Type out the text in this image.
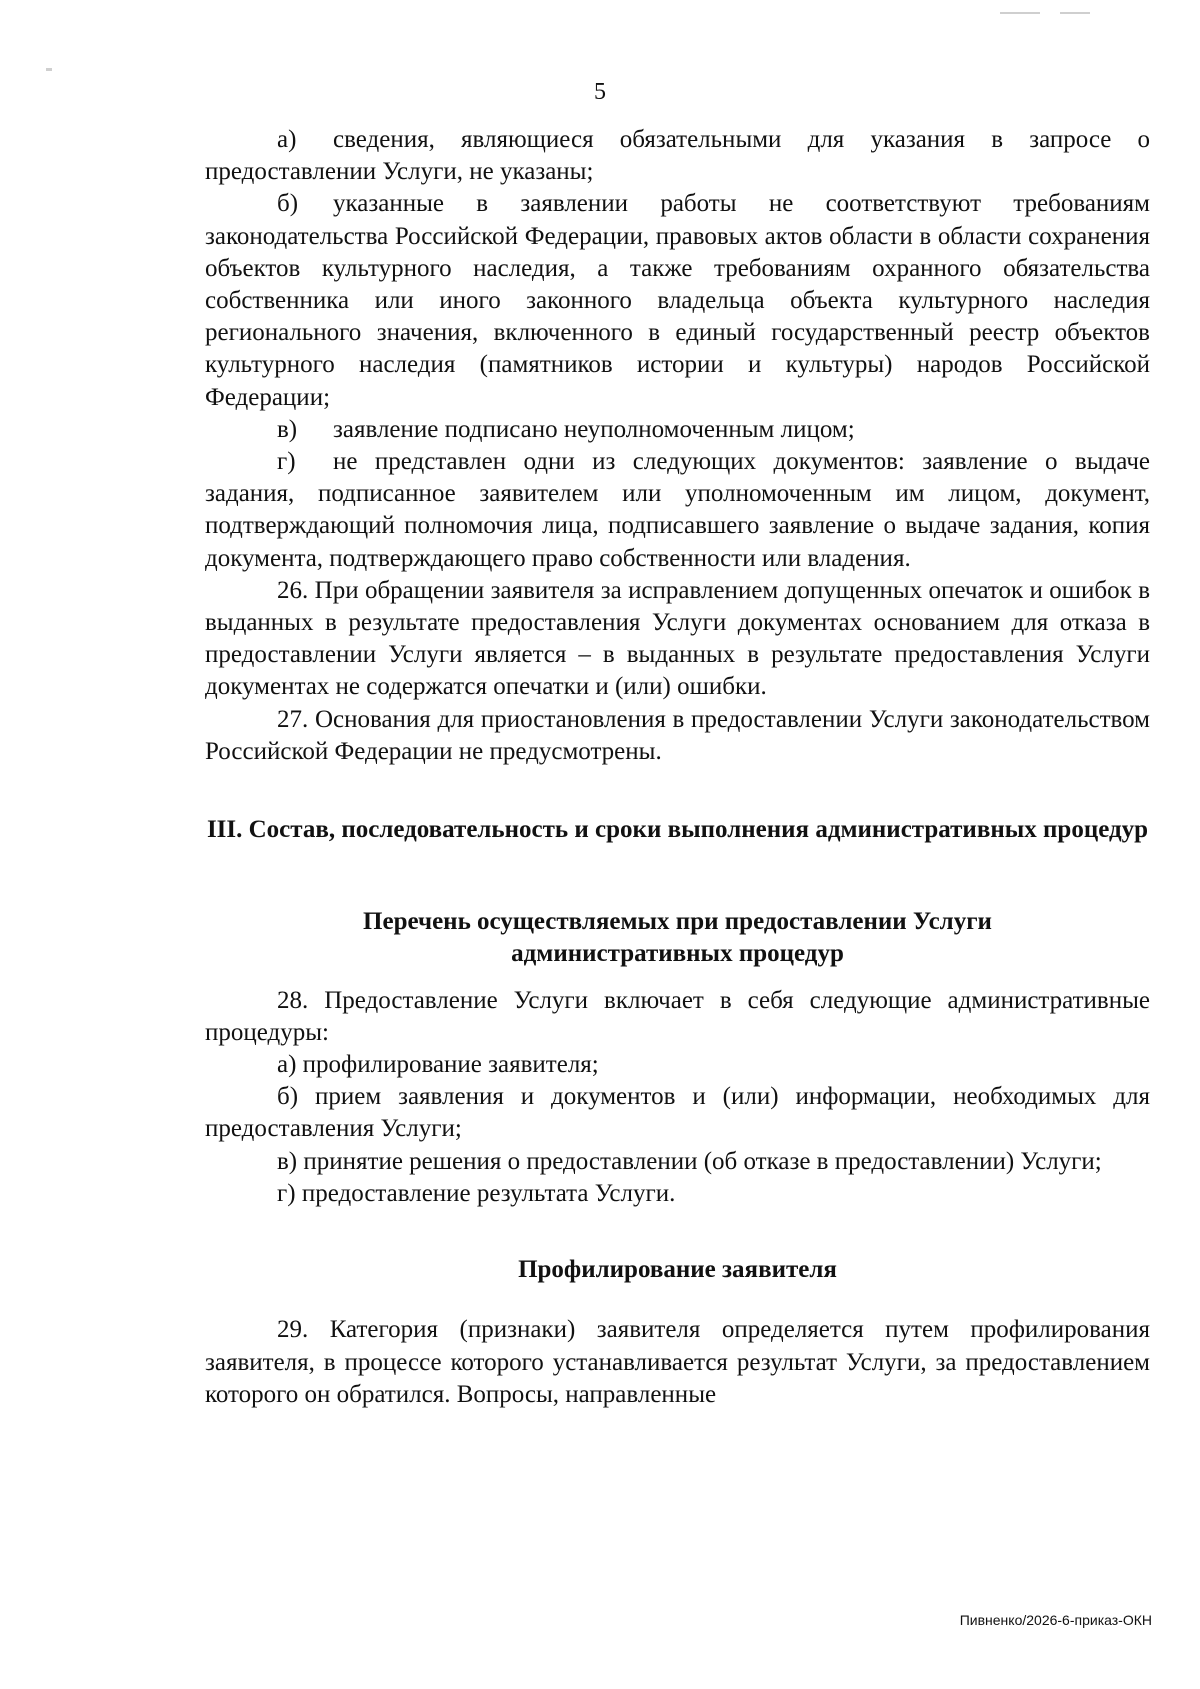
5

а) сведения, являющиеся обязательными для указания в запросе о предоставлении Услуги, не указаны;

б) указанные в заявлении работы не соответствуют требованиям законодательства Российской Федерации, правовых актов области в области сохранения объектов культурного наследия, а также требованиям охранного обязательства собственника или иного законного владельца объекта культурного наследия регионального значения, включенного в единый государственный реестр объектов культурного наследия (памятников истории и культуры) народов Российской Федерации;

в) заявление подписано неуполномоченным лицом;

г) не представлен одни из следующих документов: заявление о выдаче задания, подписанное заявителем или уполномоченным им лицом, документ, подтверждающий полномочия лица, подписавшего заявление о выдаче задания, копия документа, подтверждающего право собственности или владения.

26. При обращении заявителя за исправлением допущенных опечаток и ошибок в выданных в результате предоставления Услуги документах основанием для отказа в предоставлении Услуги является – в выданных в результате предоставления Услуги документах не содержатся опечатки и (или) ошибки.

27. Основания для приостановления в предоставлении Услуги законодательством Российской Федерации не предусмотрены.

III. Состав, последовательность и сроки выполнения административных процедур

Перечень осуществляемых при предоставлении Услуги административных процедур

28. Предоставление Услуги включает в себя следующие административные процедуры:

а) профилирование заявителя;

б) прием заявления и документов и (или) информации, необходимых для предоставления Услуги;

в) принятие решения о предоставлении (об отказе в предоставлении) Услуги;

г) предоставление результата Услуги.

Профилирование заявителя

29. Категория (признаки) заявителя определяется путем профилирования заявителя, в процессе которого устанавливается результат Услуги, за предоставлением которого он обратился. Вопросы, направленные

Пивненко/2026-6-приказ-ОКН
